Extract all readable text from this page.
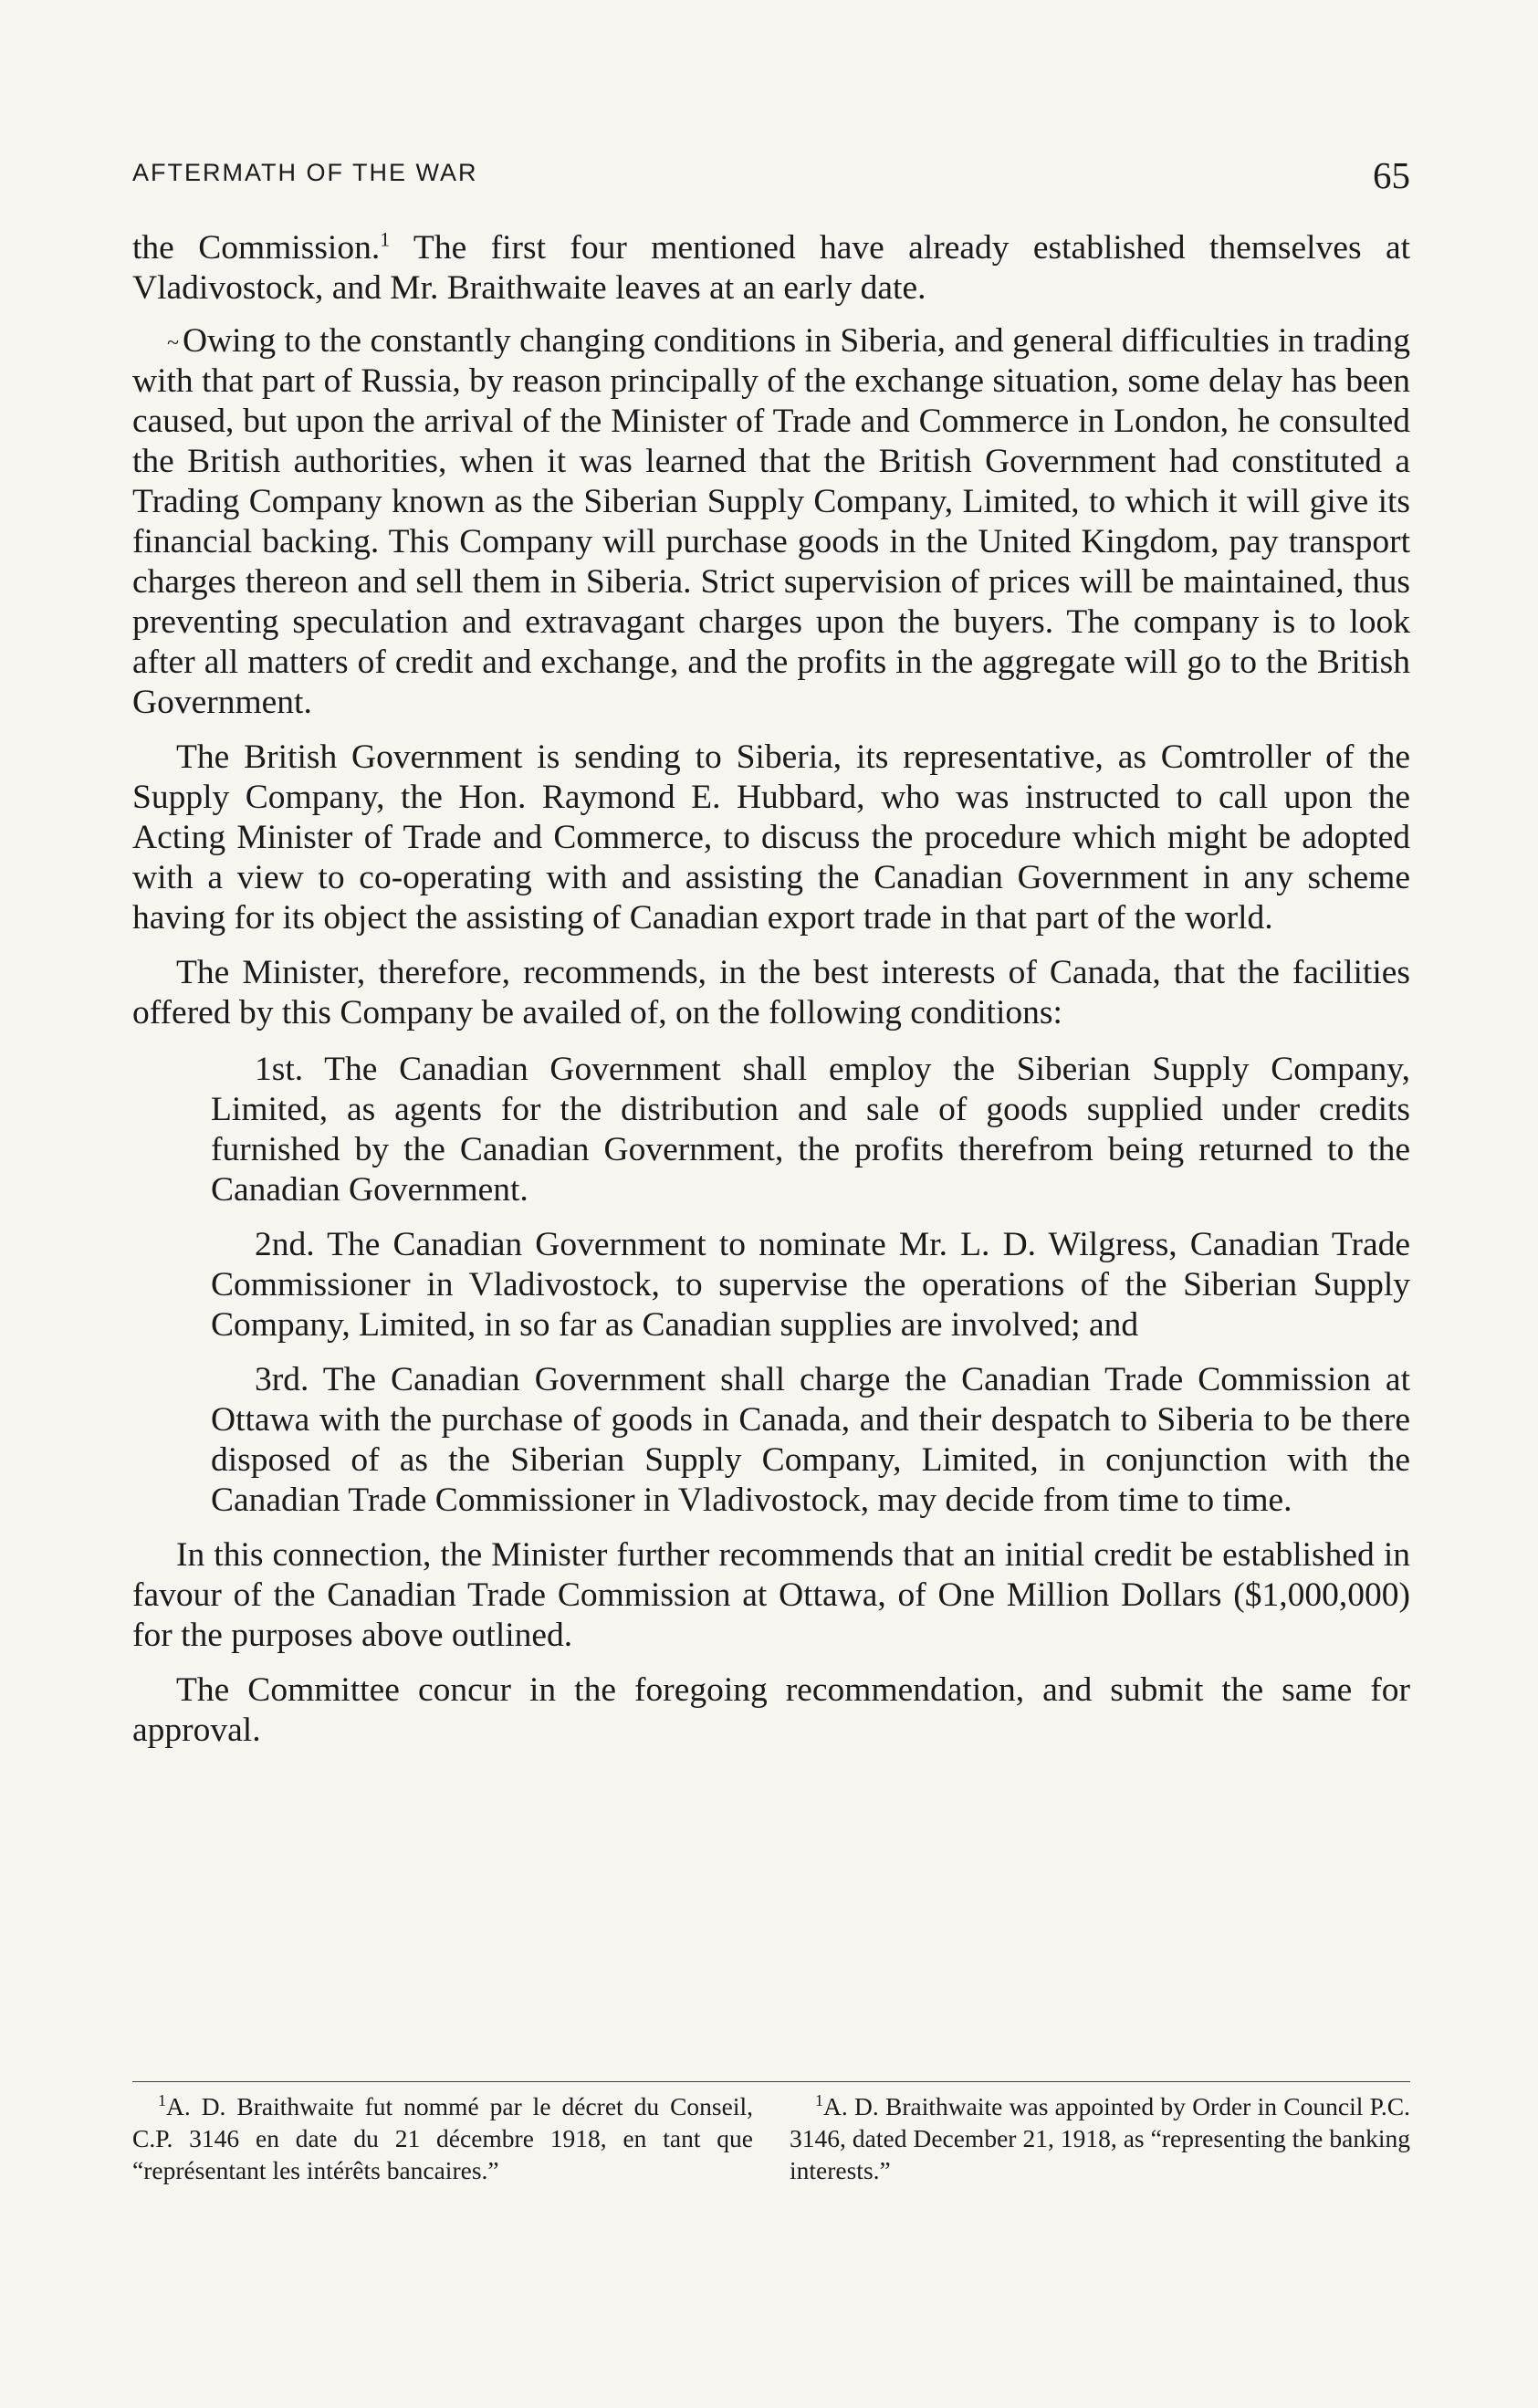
AFTERMATH OF THE WAR	65

the Commission.$^1$ The first four mentioned have already established themselves at Vladivostock, and Mr. Braithwaite leaves at an early date.

~ Owing to the constantly changing conditions in Siberia, and general difficulties in trading with that part of Russia, by reason principally of the exchange situation, some delay has been caused, but upon the arrival of the Minister of Trade and Commerce in London, he consulted the British authorities, when it was learned that the British Government had constituted a Trading Company known as the Siberian Supply Company, Limited, to which it will give its financial backing. This Company will purchase goods in the United Kingdom, pay transport charges thereon and sell them in Siberia. Strict supervision of prices will be maintained, thus preventing speculation and extravagant charges upon the buyers. The company is to look after all matters of credit and exchange, and the profits in the aggregate will go to the British Government.

The British Government is sending to Siberia, its representative, as Comtroller of the Supply Company, the Hon. Raymond E. Hubbard, who was instructed to call upon the Acting Minister of Trade and Commerce, to discuss the procedure which might be adopted with a view to co-operating with and assisting the Canadian Government in any scheme having for its object the assisting of Canadian export trade in that part of the world.

The Minister, therefore, recommends, in the best interests of Canada, that the facilities offered by this Company be availed of, on the following conditions:

1st. The Canadian Government shall employ the Siberian Supply Company, Limited, as agents for the distribution and sale of goods supplied under credits furnished by the Canadian Government, the profits therefrom being returned to the Canadian Government.

2nd. The Canadian Government to nominate Mr. L. D. Wilgress, Canadian Trade Commissioner in Vladivostock, to supervise the operations of the Siberian Supply Company, Limited, in so far as Canadian supplies are involved; and

3rd. The Canadian Government shall charge the Canadian Trade Commission at Ottawa with the purchase of goods in Canada, and their despatch to Siberia to be there disposed of as the Siberian Supply Company, Limited, in conjunction with the Canadian Trade Commissioner in Vladivostock, may decide from time to time.

In this connection, the Minister further recommends that an initial credit be established in favour of the Canadian Trade Commission at Ottawa, of One Million Dollars ($1,000,000) for the purposes above outlined.

The Committee concur in the foregoing recommendation, and submit the same for approval.

$^1$A. D. Braithwaite fut nommé par le décret du Conseil, C.P. 3146 en date du 21 décembre 1918, en tant que “représentant les intérêts bancaires.”
$^1$A. D. Braithwaite was appointed by Order in Council P.C. 3146, dated December 21, 1918, as “representing the banking interests.”
